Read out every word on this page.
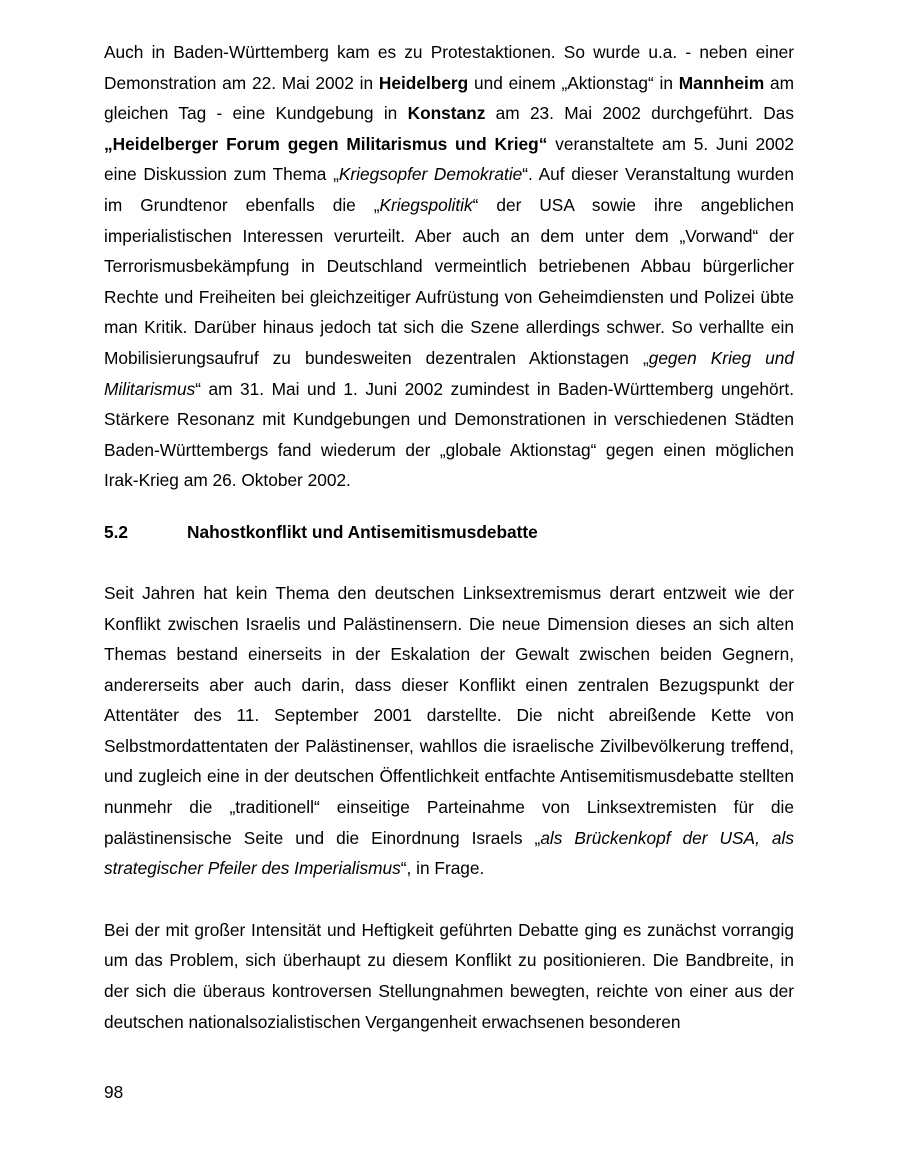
Auch in Baden-Württemberg kam es zu Protestaktionen. So wurde u.a. - neben einer Demonstration am 22. Mai 2002 in Heidelberg und einem „Aktionstag“ in Mannheim am gleichen Tag - eine Kundgebung in Konstanz am 23. Mai 2002 durchgeführt. Das „Heidelberger Forum gegen Militarismus und Krieg“ veranstaltete am 5. Juni 2002 eine Diskussion zum Thema „Kriegsopfer Demokratie“. Auf dieser Veranstaltung wurden im Grundtenor ebenfalls die „Kriegspolitik“ der USA sowie ihre angeblichen imperialistischen Interessen verurteilt. Aber auch an dem unter dem „Vorwand“ der Terrorismusbekämpfung in Deutschland vermeintlich betriebenen Abbau bürgerlicher Rechte und Freiheiten bei gleichzeitiger Aufrüstung von Geheimdiensten und Polizei übte man Kritik. Darüber hinaus jedoch tat sich die Szene allerdings schwer. So verhallte ein Mobilisierungsaufruf zu bundesweiten dezentralen Aktionstagen „gegen Krieg und Militarismus“ am 31. Mai und 1. Juni 2002 zumindest in Baden-Württemberg ungehört. Stärkere Resonanz mit Kundgebungen und Demonstrationen in verschiedenen Städten Baden-Württembergs fand wiederum der „globale Aktionstag“ gegen einen möglichen Irak-Krieg am 26. Oktober 2002.

5.2	Nahostkonflikt und Antisemitismusdebatte

Seit Jahren hat kein Thema den deutschen Linksextremismus derart entzweit wie der Konflikt zwischen Israelis und Palästinensern. Die neue Dimension dieses an sich alten Themas bestand einerseits in der Eskalation der Gewalt zwischen beiden Gegnern, andererseits aber auch darin, dass dieser Konflikt einen zentralen Bezugspunkt der Attentäter des 11. September 2001 darstellte. Die nicht abreißende Kette von Selbstmordattentaten der Palästinenser, wahllos die israelische Zivilbevölkerung treffend, und zugleich eine in der deutschen Öffentlichkeit entfachte Antisemitismusdebatte stellten nunmehr die „traditionell“ einseitige Parteinahme von Linksextremisten für die palästinensische Seite und die Einordnung Israels „als Brückenkopf der USA, als strategischer Pfeiler des Imperialismus“, in Frage.

Bei der mit großer Intensität und Heftigkeit geführten Debatte ging es zunächst vorrangig um das Problem, sich überhaupt zu diesem Konflikt zu positionieren. Die Bandbreite, in der sich die überaus kontroversen Stellungnahmen bewegten, reichte von einer aus der deutschen nationalsozialistischen Vergangenheit erwachsenen besonderen

98
